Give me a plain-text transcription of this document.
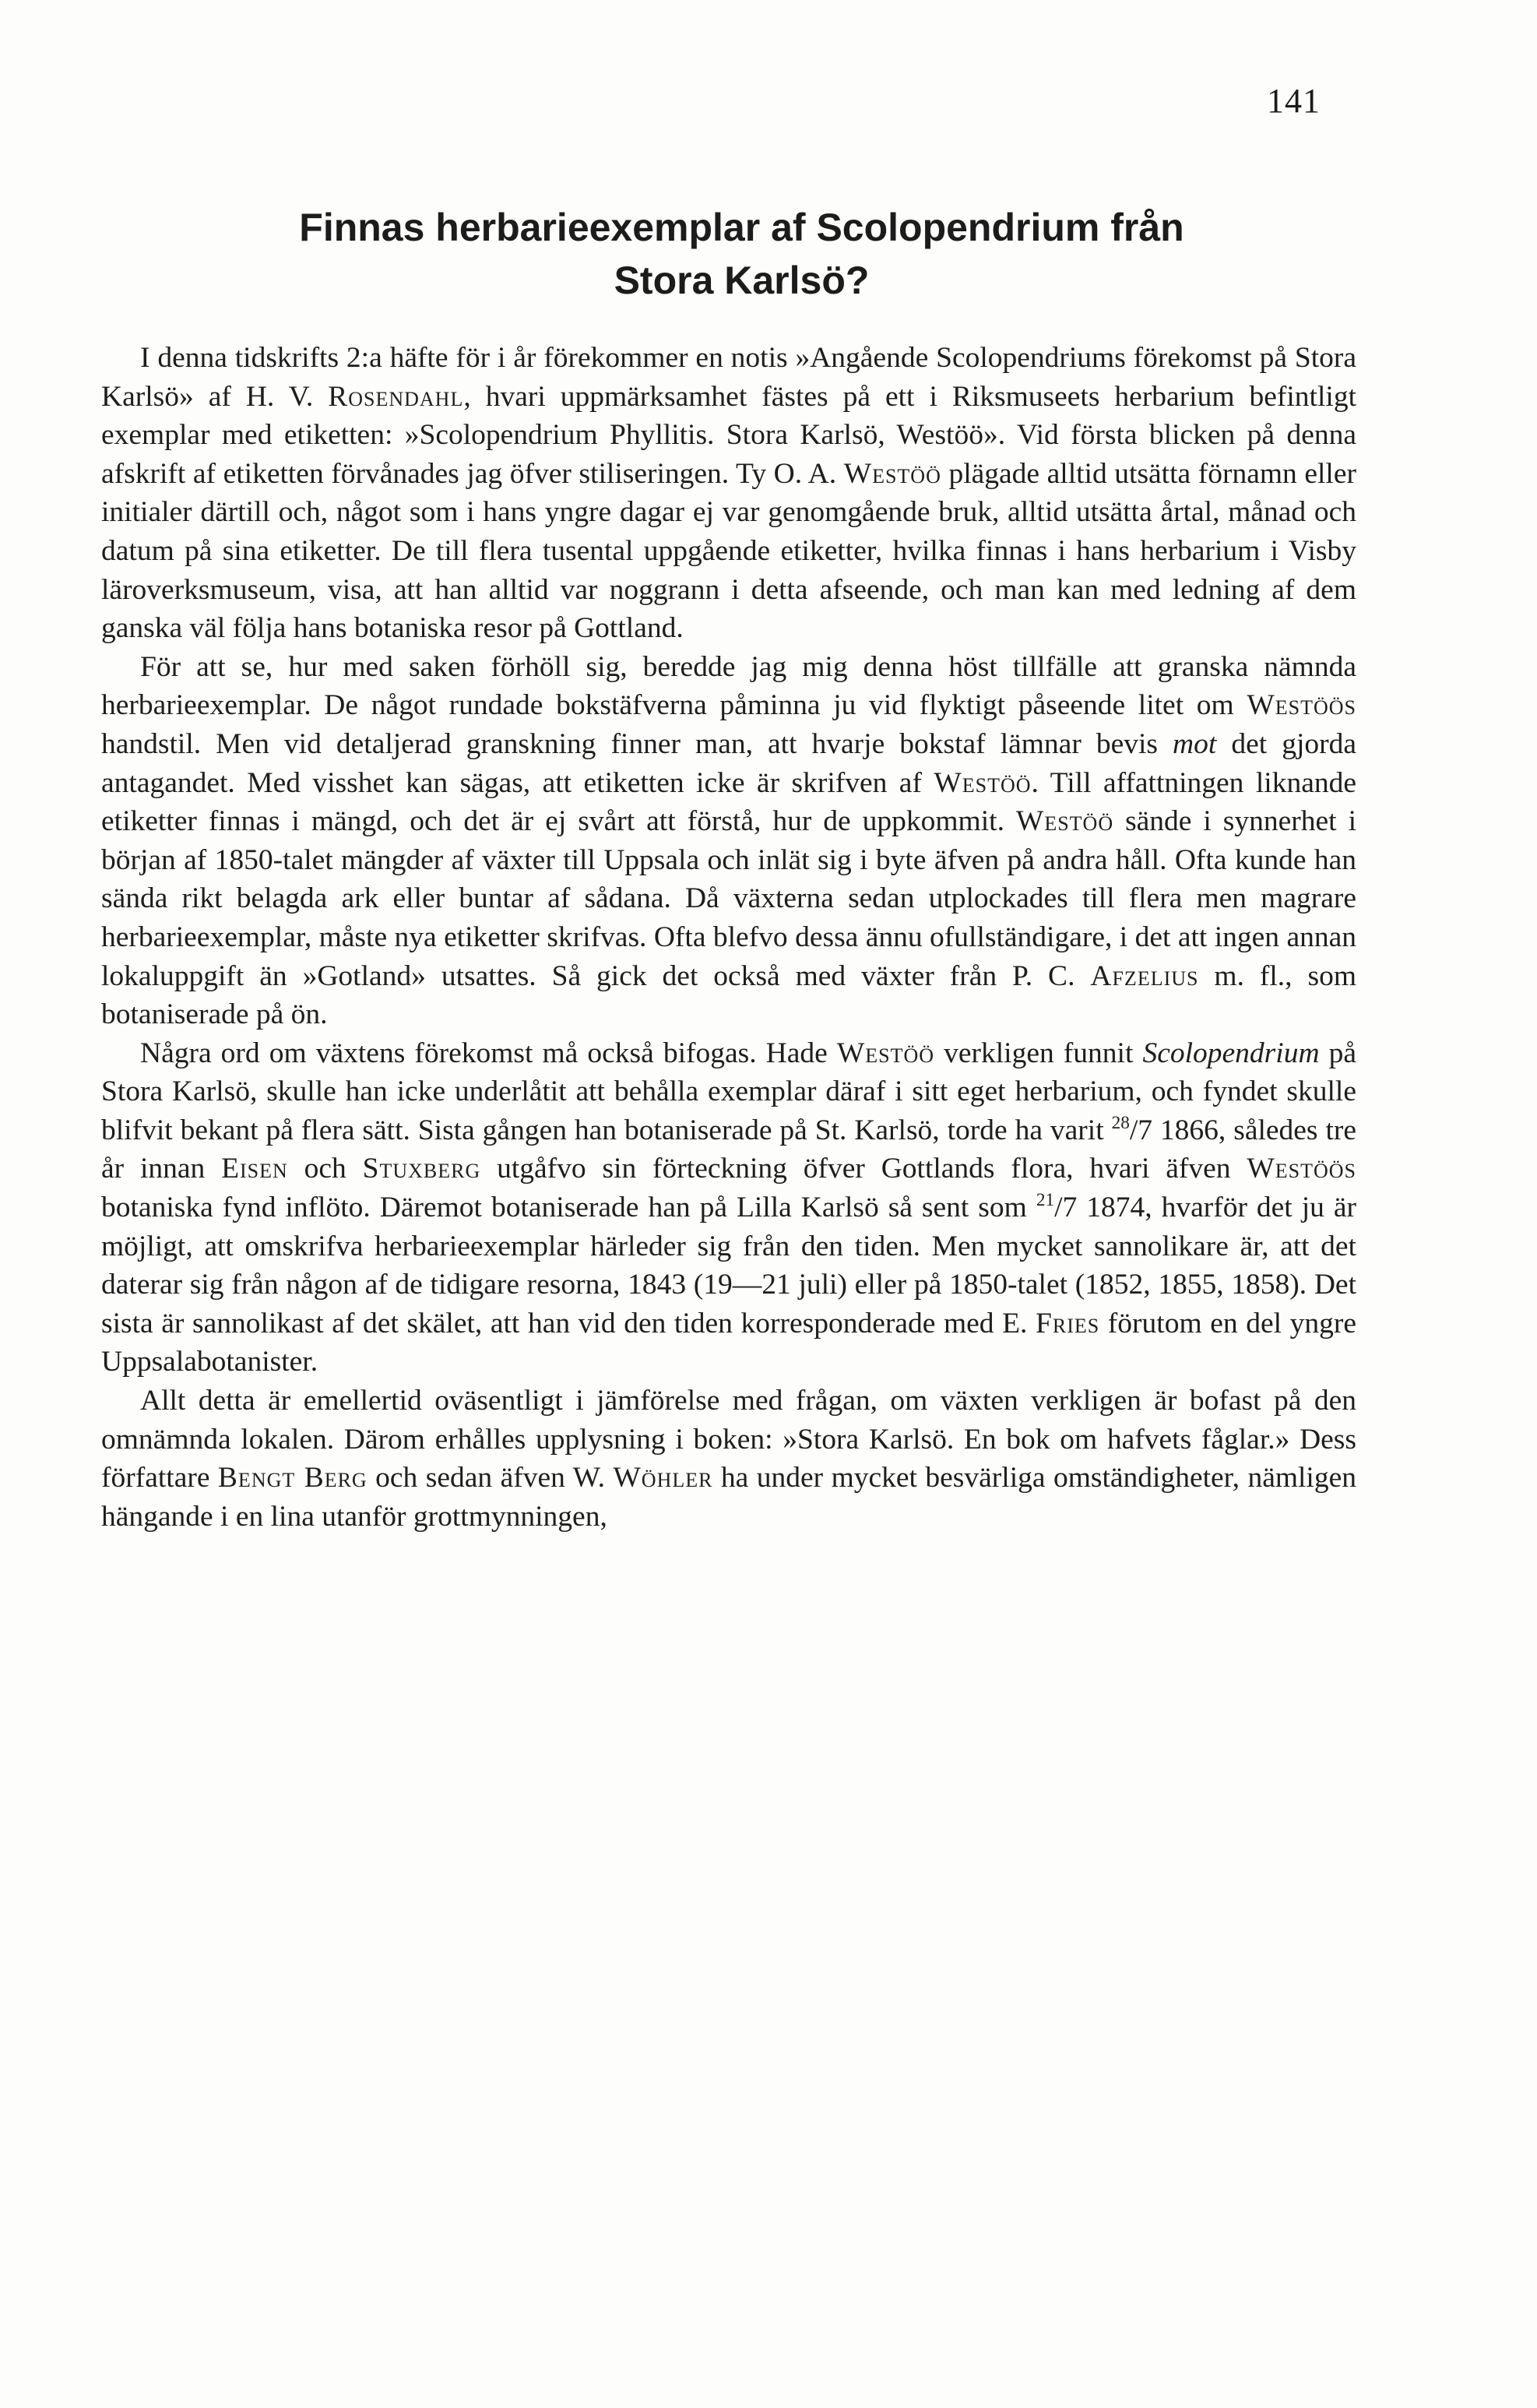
141
Finnas herbarieexemplar af Scolopendrium från
Stora Karlsö?

I denna tidskrifts 2:a häfte för i år förekommer en notis »Angående Scolopendriums förekomst på Stora Karlsö» af H. V. Rosendahl, hvari uppmärksamhet fästes på ett i Riksmuseets herbarium befintligt exemplar med etiketten: »Scolopendrium Phyllitis. Stora Karlsö, Westöö». Vid första blicken på denna afskrift af etiketten förvånades jag öfver stiliseringen. Ty O. A. Westöö plägade alltid utsätta förnamn eller initialer därtill och, något som i hans yngre dagar ej var genomgående bruk, alltid utsätta årtal, månad och datum på sina etiketter. De till flera tusental uppgående etiketter, hvilka finnas i hans herbarium i Visby läroverksmuseum, visa, att han alltid var noggrann i detta afseende, och man kan med ledning af dem ganska väl följa hans botaniska resor på Gottland.

För att se, hur med saken förhöll sig, beredde jag mig denna höst tillfälle att granska nämnda herbarieexemplar. De något rundade bokstäfverna påminna ju vid flyktigt påseende litet om Westöös handstil. Men vid detaljerad granskning finner man, att hvarje bokstaf lämnar bevis mot det gjorda antagandet. Med visshet kan sägas, att etiketten icke är skrifven af Westöö. Till affattningen liknande etiketter finnas i mängd, och det är ej svårt att förstå, hur de uppkommit. Westöö sände i synnerhet i början af 1850-talet mängder af växter till Uppsala och inlät sig i byte äfven på andra håll. Ofta kunde han sända rikt belagda ark eller buntar af sådana. Då växterna sedan utplockades till flera men magrare herbarieexemplar, måste nya etiketter skrifvas. Ofta blefvo dessa ännu ofullständigare, i det att ingen annan lokaluppgift än »Gotland» utsattes. Så gick det också med växter från P. C. Afzelius m. fl., som botaniserade på ön.

Några ord om växtens förekomst må också bifogas. Hade Westöö verkligen funnit Scolopendrium på Stora Karlsö, skulle han icke underlåtit att behålla exemplar däraf i sitt eget herbarium, och fyndet skulle blifvit bekant på flera sätt. Sista gången han botaniserade på St. Karlsö, torde ha varit $^{28}$/7 1866, således tre år innan Eisen och Stuxberg utgåfvo sin förteckning öfver Gottlands flora, hvari äfven Westöös botaniska fynd inflöto. Däremot botaniserade han på Lilla Karlsö så sent som $^{21}$/7 1874, hvarför det ju är möjligt, att omskrifva herbarieexemplar härleder sig från den tiden. Men mycket sannolikare är, att det daterar sig från någon af de tidigare resorna, 1843 (19—21 juli) eller på 1850-talet (1852, 1855, 1858). Det sista är sannolikast af det skälet, att han vid den tiden korresponderade med E. Fries förutom en del yngre Uppsalabotanister.

Allt detta är emellertid oväsentligt i jämförelse med frågan, om växten verkligen är bofast på den omnämnda lokalen. Därom erhålles upplysning i boken: »Stora Karlsö. En bok om hafvets fåglar.» Dess författare Bengt Berg och sedan äfven W. Wöhler ha under mycket besvärliga omständigheter, nämligen hängande i en lina utanför grottmynningen,
